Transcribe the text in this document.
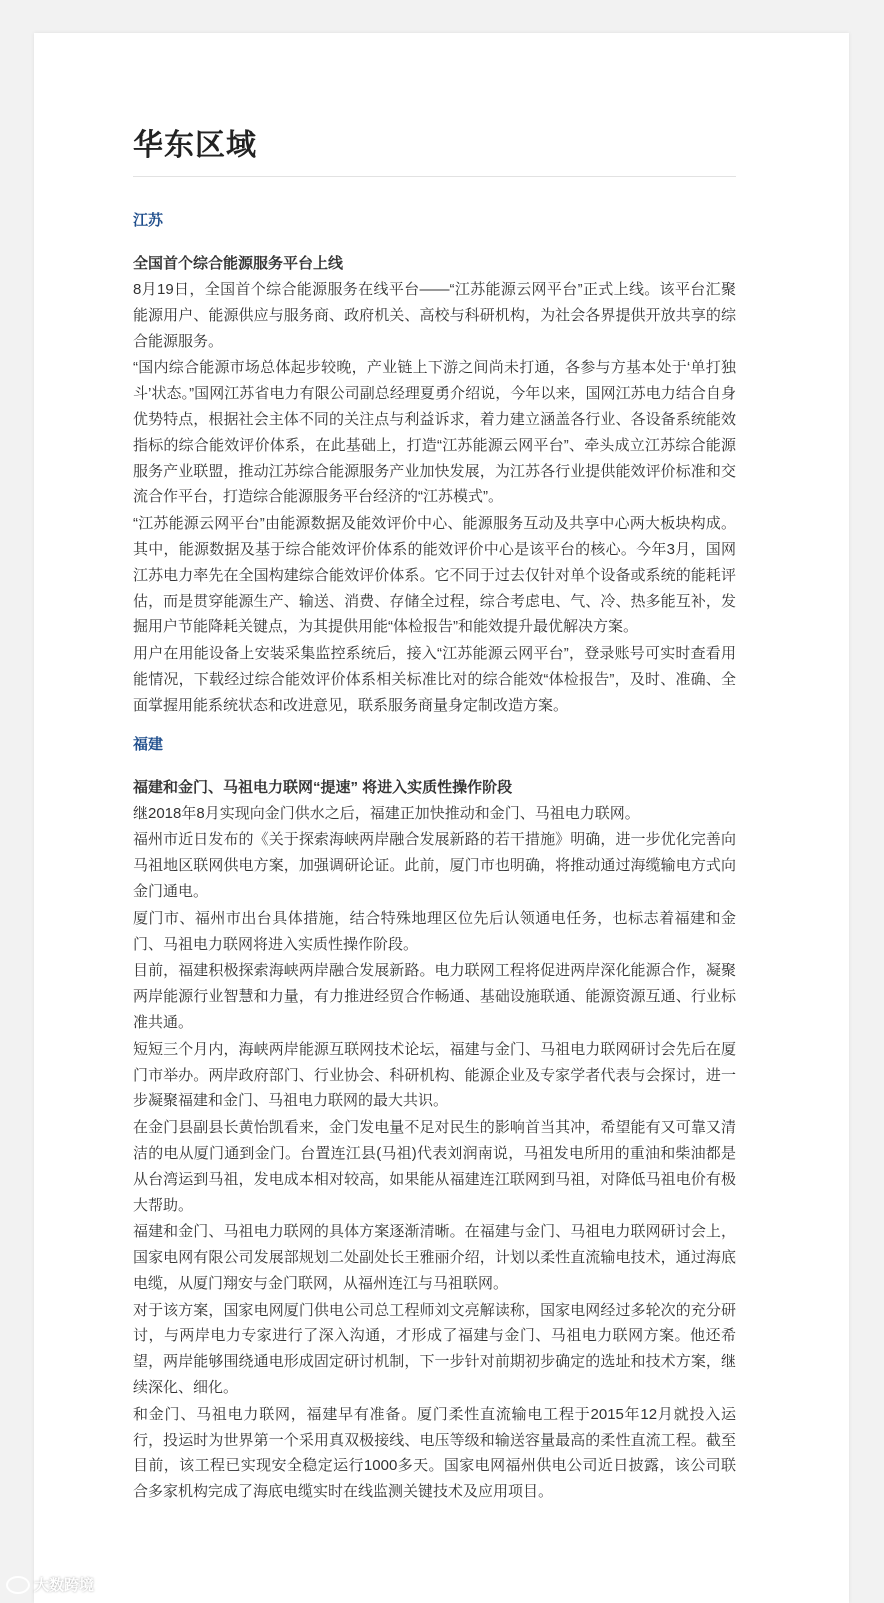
华东区域
江苏
全国首个综合能源服务平台上线

8月19日，全国首个综合能源服务在线平台——“江苏能源云网平台”正式上线。该平台汇聚能源用户、能源供应与服务商、政府机关、高校与科研机构，为社会各界提供开放共享的综合能源服务。

“国内综合能源市场总体起步较晚，产业链上下游之间尚未打通，各参与方基本处于‘单打独斗’状态。”国网江苏省电力有限公司副总经理夏勇介绍说，今年以来，国网江苏电力结合自身优势特点，根据社会主体不同的关注点与利益诉求，着力建立涵盖各行业、各设备系统能效指标的综合能效评价体系，在此基础上，打造“江苏能源云网平台”、牵头成立江苏综合能源服务产业联盟，推动江苏综合能源服务产业加快发展，为江苏各行业提供能效评价标准和交流合作平台，打造综合能源服务平台经济的“江苏模式”。

“江苏能源云网平台”由能源数据及能效评价中心、能源服务互动及共享中心两大板块构成。其中，能源数据及基于综合能效评价体系的能效评价中心是该平台的核心。今年3月，国网江苏电力率先在全国构建综合能效评价体系。它不同于过去仅针对单个设备或系统的能耗评估，而是贯穿能源生产、输送、消费、存储全过程，综合考虑电、气、冷、热多能互补，发掘用户节能降耗关键点，为其提供用能“体检报告”和能效提升最优解决方案。

用户在用能设备上安装采集监控系统后，接入“江苏能源云网平台”，登录账号可实时查看用能情况，下载经过综合能效评价体系相关标准比对的综合能效“体检报告”，及时、准确、全面掌握用能系统状态和改进意见，联系服务商量身定制改造方案。

福建
福建和金门、马祖电力联网“提速” 将进入实质性操作阶段

继2018年8月实现向金门供水之后，福建正加快推动和金门、马祖电力联网。

福州市近日发布的《关于探索海峡两岸融合发展新路的若干措施》明确，进一步优化完善向马祖地区联网供电方案，加强调研论证。此前，厦门市也明确，将推动通过海缆输电方式向金门通电。

厦门市、福州市出台具体措施，结合特殊地理区位先后认领通电任务，也标志着福建和金门、马祖电力联网将进入实质性操作阶段。

目前，福建积极探索海峡两岸融合发展新路。电力联网工程将促进两岸深化能源合作，凝聚两岸能源行业智慧和力量，有力推进经贸合作畅通、基础设施联通、能源资源互通、行业标准共通。

短短三个月内，海峡两岸能源互联网技术论坛，福建与金门、马祖电力联网研讨会先后在厦门市举办。两岸政府部门、行业协会、科研机构、能源企业及专家学者代表与会探讨，进一步凝聚福建和金门、马祖电力联网的最大共识。

在金门县副县长黄怡凯看来，金门发电量不足对民生的影响首当其冲，希望能有又可靠又清洁的电从厦门通到金门。台置连江县(马祖)代表刘润南说，马祖发电所用的重油和柴油都是从台湾运到马祖，发电成本相对较高，如果能从福建连江联网到马祖，对降低马祖电价有极大帮助。

福建和金门、马祖电力联网的具体方案逐渐清晰。在福建与金门、马祖电力联网研讨会上，国家电网有限公司发展部规划二处副处长王雅丽介绍，计划以柔性直流输电技术，通过海底电缆，从厦门翔安与金门联网，从福州连江与马祖联网。

对于该方案，国家电网厦门供电公司总工程师刘文亮解读称，国家电网经过多轮次的充分研讨，与两岸电力专家进行了深入沟通，才形成了福建与金门、马祖电力联网方案。他还希望，两岸能够围绕通电形成固定研讨机制，下一步针对前期初步确定的选址和技术方案，继续深化、细化。

和金门、马祖电力联网，福建早有准备。厦门柔性直流输电工程于2015年12月就投入运行，投运时为世界第一个采用真双极接线、电压等级和输送容量最高的柔性直流工程。截至目前，该工程已实现安全稳定运行1000多天。国家电网福州供电公司近日披露，该公司联合多家机构完成了海底电缆实时在线监测关键技术及应用项目。

大数跨境
